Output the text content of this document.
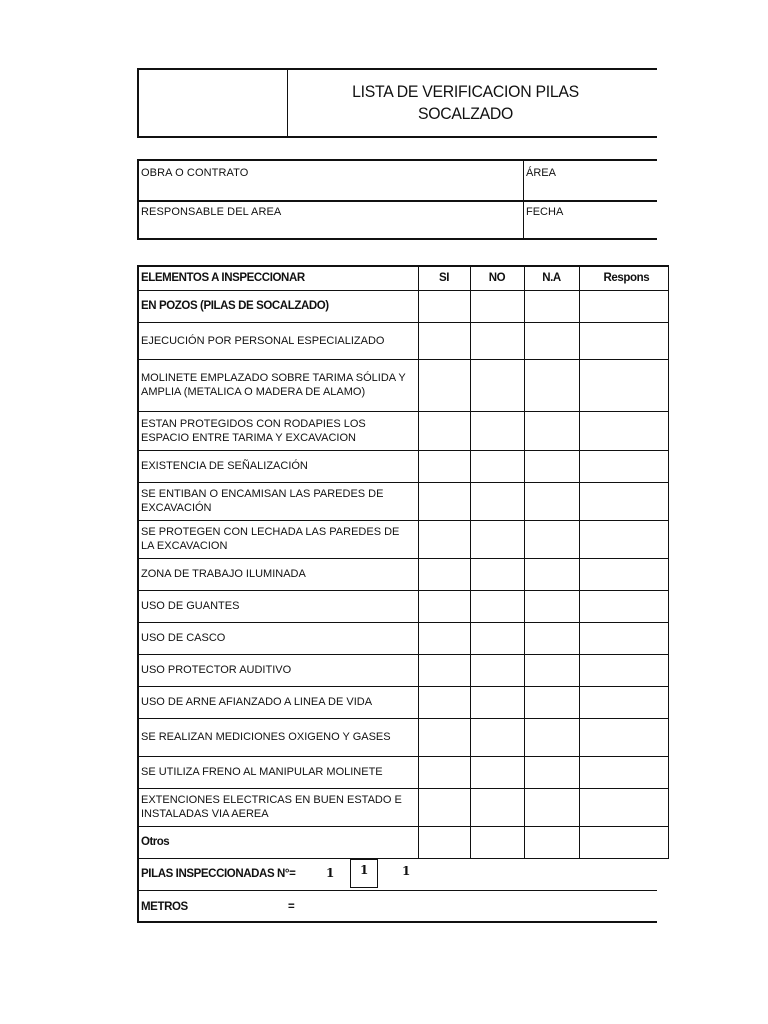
LISTA DE VERIFICACION PILAS
SOCALZADO
OBRA O CONTRATO	ÁREA
RESPONSABLE DEL AREA	FECHA
ELEMENTOS A INSPECCIONAR	SI	NO	N.A	Respons
EN POZOS (PILAS DE SOCALZADO)				
EJECUCIÓN POR PERSONAL ESPECIALIZADO				
MOLINETE EMPLAZADO SOBRE TARIMA SÓLIDA Y AMPLIA (METALICA O MADERA DE ALAMO)				
ESTAN PROTEGIDOS CON RODAPIES LOS ESPACIO ENTRE TARIMA Y EXCAVACION				
EXISTENCIA DE SEÑALIZACIÓN				
SE ENTIBAN O ENCAMISAN LAS PAREDES DE EXCAVACIÓN				
SE PROTEGEN CON LECHADA LAS PAREDES DE LA EXCAVACION				
ZONA DE TRABAJO ILUMINADA				
USO DE GUANTES				
USO DE CASCO				
USO PROTECTOR AUDITIVO				
USO DE ARNE AFIANZADO A LINEA DE VIDA				
SE REALIZAN MEDICIONES OXIGENO Y GASES				
SE UTILIZA FRENO AL MANIPULAR MOLINETE				
EXTENCIONES ELECTRICAS EN BUEN ESTADO E INSTALADAS VIA AEREA				
Otros				
PILAS INSPECCIONADAS N°=	1	1	1
METROS	=
